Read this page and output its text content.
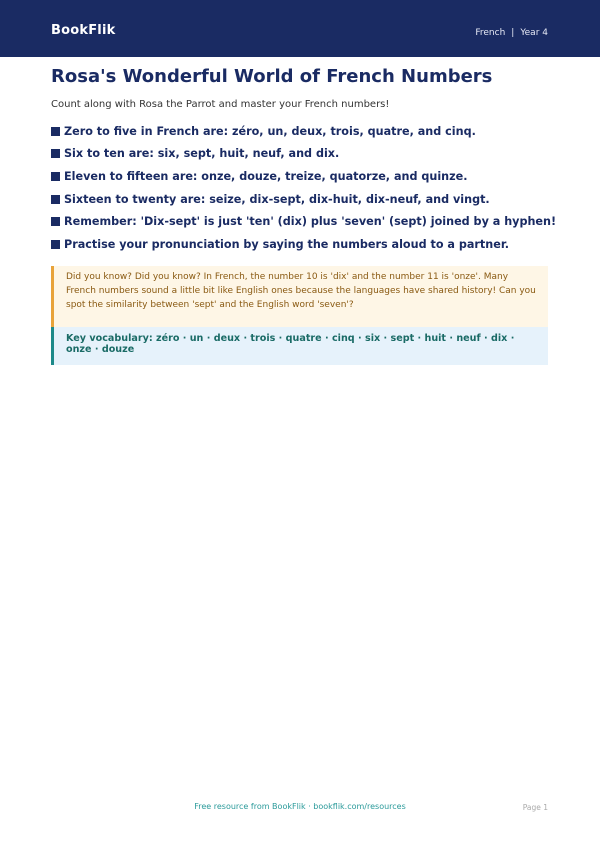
BookFlik	French | Year 4
Rosa's Wonderful World of French Numbers
Count along with Rosa the Parrot and master your French numbers!
Zero to five in French are: zéro, un, deux, trois, quatre, and cinq.
Six to ten are: six, sept, huit, neuf, and dix.
Eleven to fifteen are: onze, douze, treize, quatorze, and quinze.
Sixteen to twenty are: seize, dix-sept, dix-huit, dix-neuf, and vingt.
Remember: 'Dix-sept' is just 'ten' (dix) plus 'seven' (sept) joined by a hyphen!
Practise your pronunciation by saying the numbers aloud to a partner.
Did you know? Did you know? In French, the number 10 is 'dix' and the number 11 is 'onze'. Many French numbers sound a little bit like English ones because the languages have shared history! Can you spot the similarity between 'sept' and the English word 'seven'?
Key vocabulary: zéro · un · deux · trois · quatre · cinq · six · sept · huit · neuf · dix · onze · douze
Free resource from BookFlik · bookflik.com/resources	Page 1
